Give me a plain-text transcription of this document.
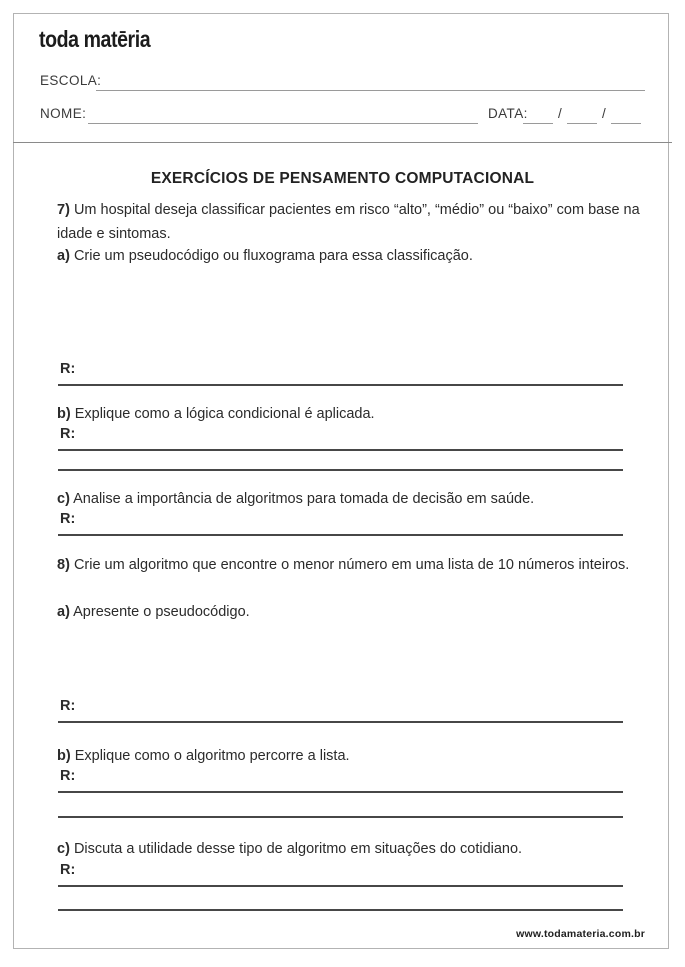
toda matēria
ESCOLA:
NOME:	DATA: /	/
EXERCÍCIOS DE PENSAMENTO COMPUTACIONAL
7) Um hospital deseja classificar pacientes em risco “alto”, “médio” ou “baixo” com base na idade e sintomas.
a) Crie um pseudocódigo ou fluxograma para essa classificação.
R:
b) Explique como a lógica condicional é aplicada.
R:
c) Analise a importância de algoritmos para tomada de decisão em saúde.
R:
8) Crie um algoritmo que encontre o menor número em uma lista de 10 números inteiros.
a) Apresente o pseudocódigo.
R:
b) Explique como o algoritmo percorre a lista.
R:
c) Discuta a utilidade desse tipo de algoritmo em situações do cotidiano.
R:
www.todamateria.com.br
